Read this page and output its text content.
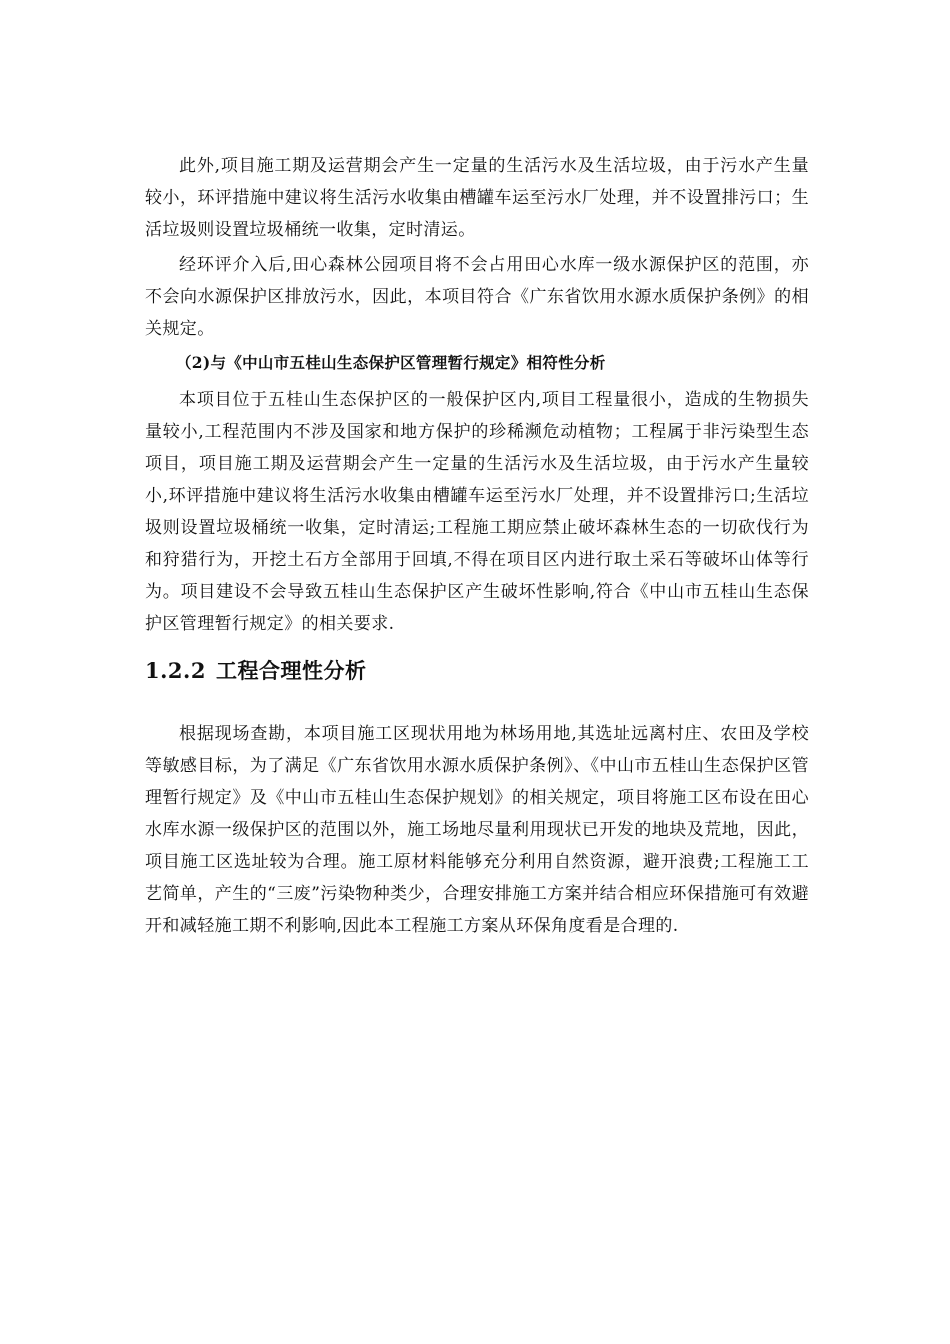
此外,项目施工期及运营期会产生一定量的生活污水及生活垃圾，由于污水产生量较小，环评措施中建议将生活污水收集由槽罐车运至污水厂处理，并不设置排污口；生活垃圾则设置垃圾桶统一收集，定时清运。

经环评介入后,田心森林公园项目将不会占用田心水库一级水源保护区的范围，亦不会向水源保护区排放污水，因此，本项目符合《广东省饮用水源水质保护条例》的相关规定。

（2)与《中山市五桂山生态保护区管理暂行规定》相符性分析

本项目位于五桂山生态保护区的一般保护区内,项目工程量很小，造成的生物损失量较小,工程范围内不涉及国家和地方保护的珍稀濒危动植物；工程属于非污染型生态项目，项目施工期及运营期会产生一定量的生活污水及生活垃圾，由于污水产生量较小,环评措施中建议将生活污水收集由槽罐车运至污水厂处理，并不设置排污口;生活垃圾则设置垃圾桶统一收集，定时清运;工程施工期应禁止破坏森林生态的一切砍伐行为和狩猎行为，开挖土石方全部用于回填,不得在项目区内进行取土采石等破坏山体等行为。项目建设不会导致五桂山生态保护区产生破坏性影响,符合《中山市五桂山生态保护区管理暂行规定》的相关要求.

1.2.2 工程合理性分析

根据现场查勘，本项目施工区现状用地为林场用地,其选址远离村庄、农田及学校等敏感目标，为了满足《广东省饮用水源水质保护条例》、《中山市五桂山生态保护区管理暂行规定》及《中山市五桂山生态保护规划》的相关规定，项目将施工区布设在田心水库水源一级保护区的范围以外，施工场地尽量利用现状已开发的地块及荒地，因此，项目施工区选址较为合理。施工原材料能够充分利用自然资源，避开浪费;工程施工工艺简单，产生的“三废”污染物种类少，合理安排施工方案并结合相应环保措施可有效避开和减轻施工期不利影响,因此本工程施工方案从环保角度看是合理的.
